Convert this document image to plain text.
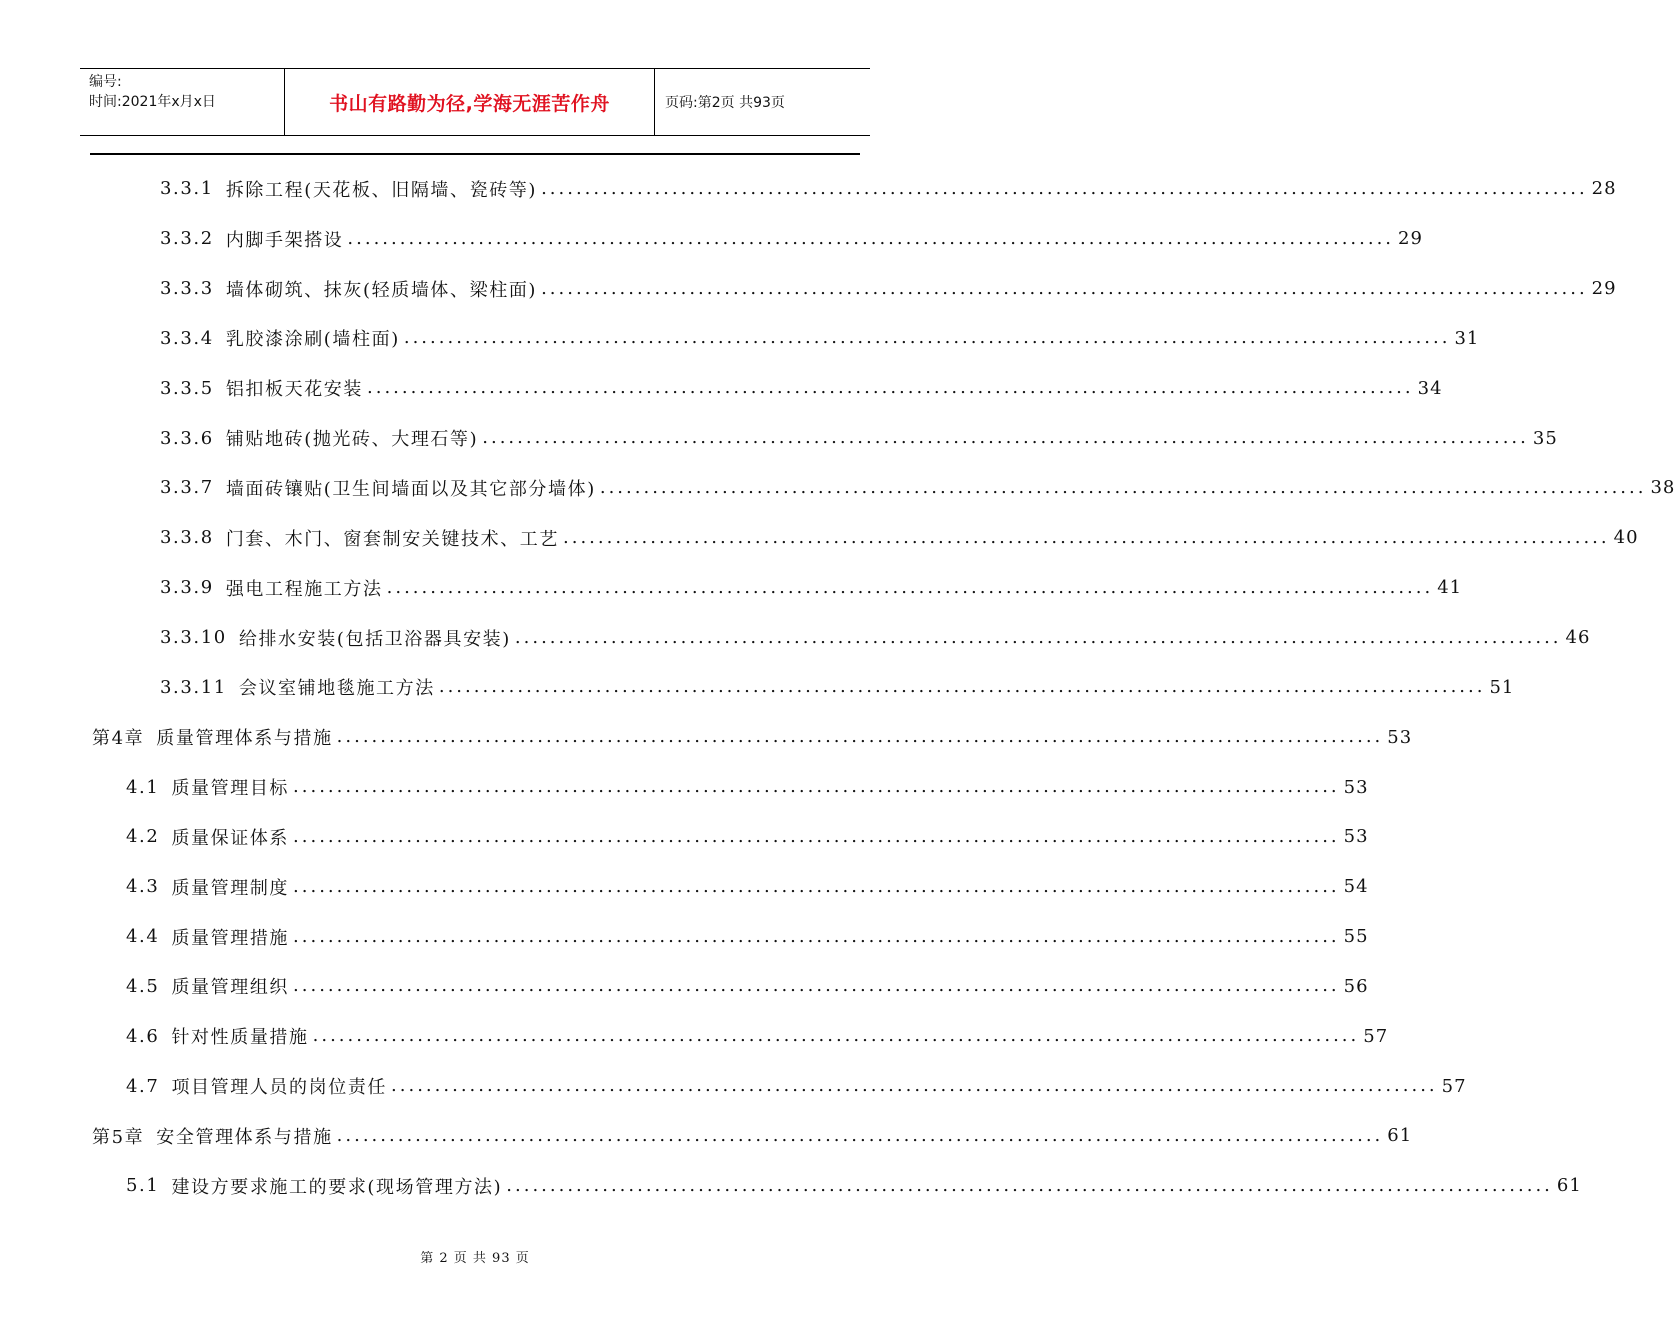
编号:
时间:2021年x月x日	书山有路勤为径,学海无涯苦作舟	页码:第2页 共93页
3.3.1 拆除工程(天花板、旧隔墙、瓷砖等) ........................................................................................................................ 28
3.3.2 内脚手架搭设 ........................................................................................................................ 29
3.3.3 墙体砌筑、抹灰(轻质墙体、梁柱面) ........................................................................................................................ 29
3.3.4 乳胶漆涂刷(墙柱面) ........................................................................................................................ 31
3.3.5 铝扣板天花安装 ........................................................................................................................ 34
3.3.6 铺贴地砖(抛光砖、大理石等) ........................................................................................................................ 35
3.3.7 墙面砖镶贴(卫生间墙面以及其它部分墙体) ........................................................................................................................ 38
3.3.8 门套、木门、窗套制安关键技术、工艺 ........................................................................................................................ 40
3.3.9 强电工程施工方法 ........................................................................................................................ 41
3.3.10 给排水安装(包括卫浴器具安装) ........................................................................................................................ 46
3.3.11 会议室铺地毯施工方法 ........................................................................................................................ 51
第4章 质量管理体系与措施 ........................................................................................................................ 53
4.1 质量管理目标 ........................................................................................................................ 53
4.2 质量保证体系 ........................................................................................................................ 53
4.3 质量管理制度 ........................................................................................................................ 54
4.4 质量管理措施 ........................................................................................................................ 55
4.5 质量管理组织 ........................................................................................................................ 56
4.6 针对性质量措施 ........................................................................................................................ 57
4.7 项目管理人员的岗位责任 ........................................................................................................................ 57
第5章 安全管理体系与措施 ........................................................................................................................ 61
5.1 建设方要求施工的要求(现场管理方法) ........................................................................................................................ 61
第 2 页 共 93 页
